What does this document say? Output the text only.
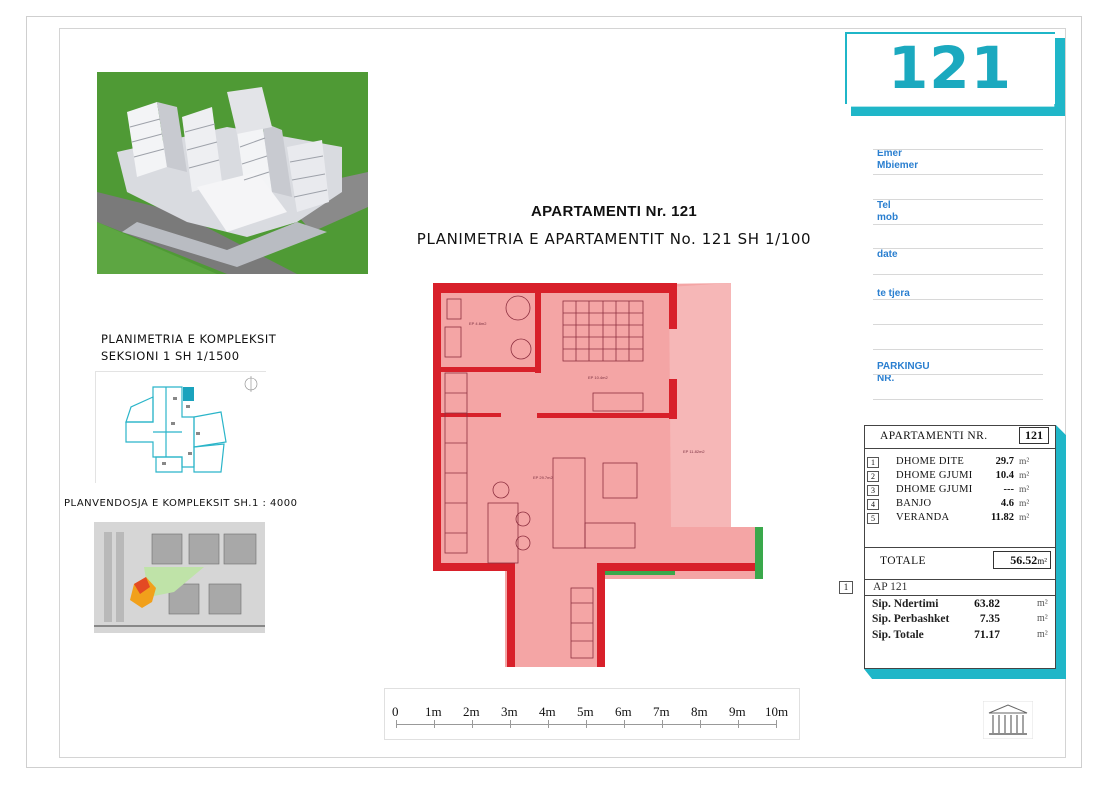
121
Emer
Mbiemer
Tel
mob
date
te tjera
PARKINGU
NR.
APARTAMENTI Nr. 121
PLANIMETRIA E APARTAMENTIT No. 121 SH 1/100
PLANIMETRIA E KOMPLEKSIT
SEKSIONI 1 SH 1/1500
PLANVENDOSJA E KOMPLEKSIT SH.1 : 4000
EP 4.6m2
EP 10.4m2
EP 29.7m2
EP 11.82m2
0 1m 2m 3m 4m 5m 6m 7m 8m 9m 10m
APARTAMENTI NR.	121
1	DHOME DITE	29.7 m²
2	DHOME GJUMI	10.4 m²
3	DHOME GJUMI	--- m²
4	BANJO	4.6 m²
5	VERANDA	11.82 m²
TOTALE	56.52m²
1	AP 121
Sip. Ndertimi	63.82	m²
Sip. Perbashket	7.35	m²
Sip. Totale	71.17	m²
